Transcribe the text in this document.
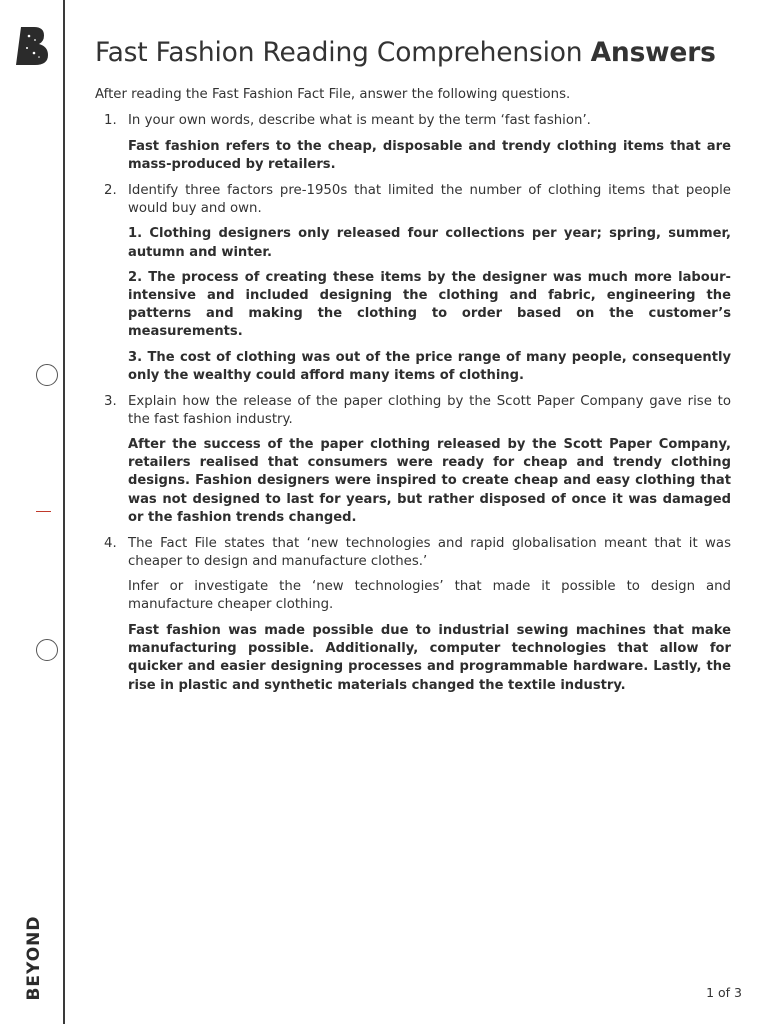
BEYOND
Fast Fashion Reading Comprehension Answers

After reading the Fast Fashion Fact File, answer the following questions.

1. In your own words, describe what is meant by the term ‘fast fashion’.

Fast fashion refers to the cheap, disposable and trendy clothing items that are mass-produced by retailers.

2. Identify three factors pre-1950s that limited the number of clothing items that people would buy and own.

1. Clothing designers only released four collections per year; spring, summer, autumn and winter.

2. The process of creating these items by the designer was much more labour-intensive and included designing the clothing and fabric, engineering the patterns and making the clothing to order based on the customer’s measurements.

3. The cost of clothing was out of the price range of many people, consequently only the wealthy could afford many items of clothing.

3. Explain how the release of the paper clothing by the Scott Paper Company gave rise to the fast fashion industry.

After the success of the paper clothing released by the Scott Paper Company, retailers realised that consumers were ready for cheap and trendy clothing designs. Fashion designers were inspired to create cheap and easy clothing that was not designed to last for years, but rather disposed of once it was damaged or the fashion trends changed.

4. The Fact File states that ‘new technologies and rapid globalisation meant that it was cheaper to design and manufacture clothes.’

Infer or investigate the ‘new technologies’ that made it possible to design and manufacture cheaper clothing.

Fast fashion was made possible due to industrial sewing machines that make manufacturing possible. Additionally, computer technologies that allow for quicker and easier designing processes and programmable hardware. Lastly, the rise in plastic and synthetic materials changed the textile industry.

1 of 3
